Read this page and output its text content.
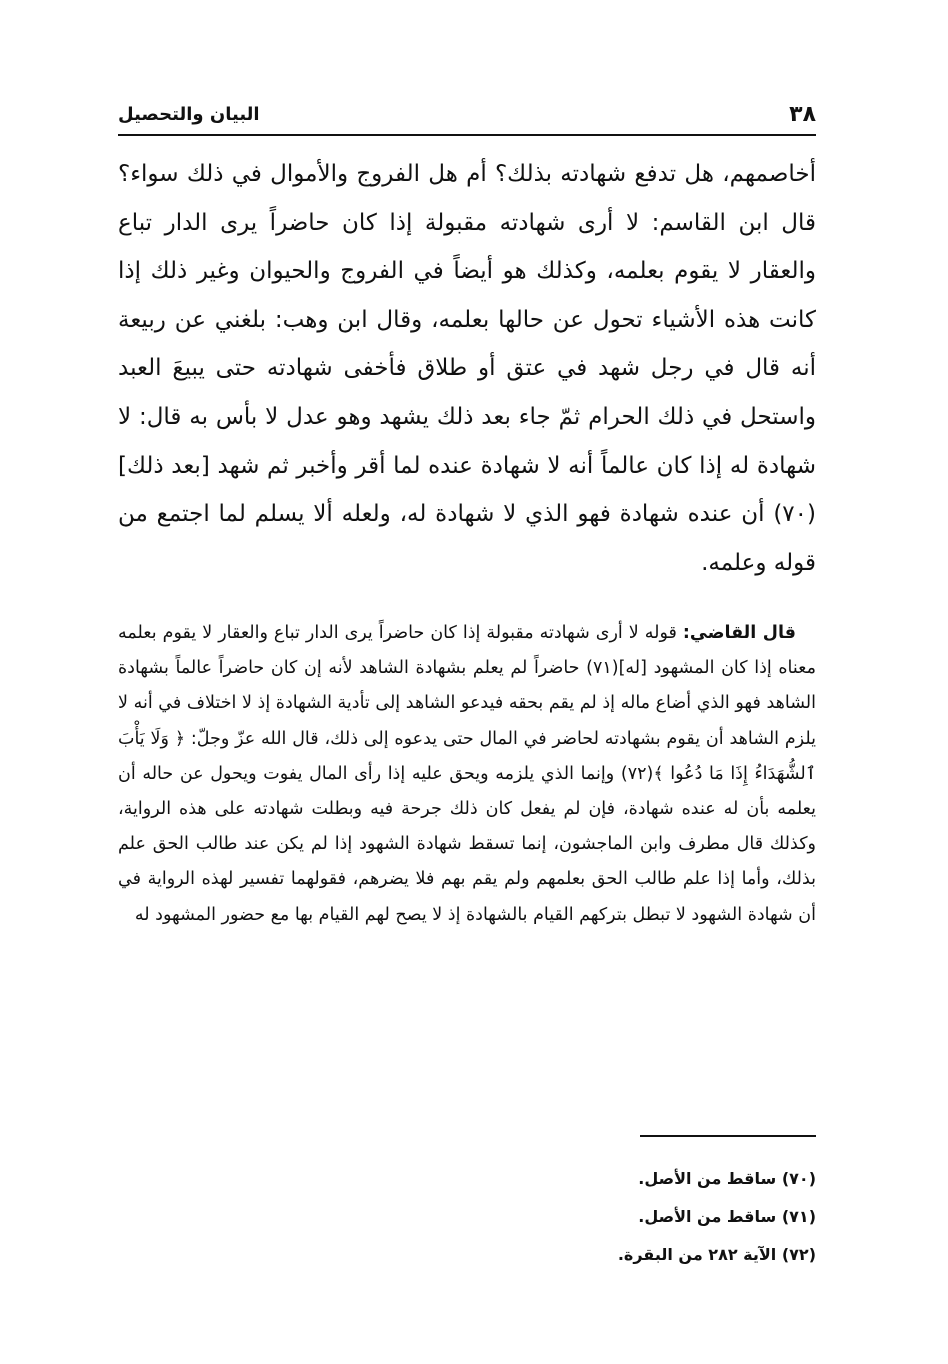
٣٨
البيان والتحصيل

أخاصمهم، هل تدفع شهادته بذلك؟ أم هل الفروج والأموال في ذلك سواء؟ قال ابن القاسم: لا أرى شهادته مقبولة إذا كان حاضراً يرى الدار تباع والعقار لا يقوم بعلمه، وكذلك هو أيضاً في الفروج والحيوان وغير ذلك إذا كانت هذه الأشياء تحول عن حالها بعلمه، وقال ابن وهب: بلغني عن ربيعة أنه قال في رجل شهد في عتق أو طلاق فأخفى شهادته حتى يبيعَ العبد واستحل في ذلك الحرام ثمّ جاء بعد ذلك يشهد وهو عدل لا بأس به قال: لا شهادة له إذا كان عالماً أنه لا شهادة عنده لما أقر وأخبر ثم شهد [بعد ذلك](٧٠) أن عنده شهادة فهو الذي لا شهادة له، ولعله ألا يسلم لما اجتمع من قوله وعلمه.

قال القاضي: قوله لا أرى شهادته مقبولة إذا كان حاضراً يرى الدار تباع والعقار لا يقوم بعلمه معناه إذا كان المشهود [له](٧١) حاضراً لم يعلم بشهادة الشاهد لأنه إن كان حاضراً عالماً بشهادة الشاهد فهو الذي أضاع ماله إذ لم يقم بحقه فيدعو الشاهد إلى تأدية الشهادة إذ لا اختلاف في أنه لا يلزم الشاهد أن يقوم بشهادته لحاضر في المال حتى يدعوه إلى ذلك، قال الله عزّ وجلّ: ﴿ وَلَا يَأْبَ ٱلشُّهَدَاءُ إِذَا مَا دُعُوا ﴾(٧٢) وإنما الذي يلزمه ويحق عليه إذا رأى المال يفوت ويحول عن حاله أن يعلمه بأن له عنده شهادة، فإن لم يفعل كان ذلك جرحة فيه وبطلت شهادته على هذه الرواية، وكذلك قال مطرف وابن الماجشون، إنما تسقط شهادة الشهود إذا لم يكن عند طالب الحق علم بذلك، وأما إذا علم طالب الحق بعلمهم ولم يقم بهم فلا يضرهم، فقولهما تفسير لهذه الرواية في أن شهادة الشهود لا تبطل بتركهم القيام بالشهادة إذ لا يصح لهم القيام بها مع حضور المشهود له

(٧٠) ساقط من الأصل.
(٧١) ساقط من الأصل.
(٧٢) الآية ٢٨٢ من البقرة.
